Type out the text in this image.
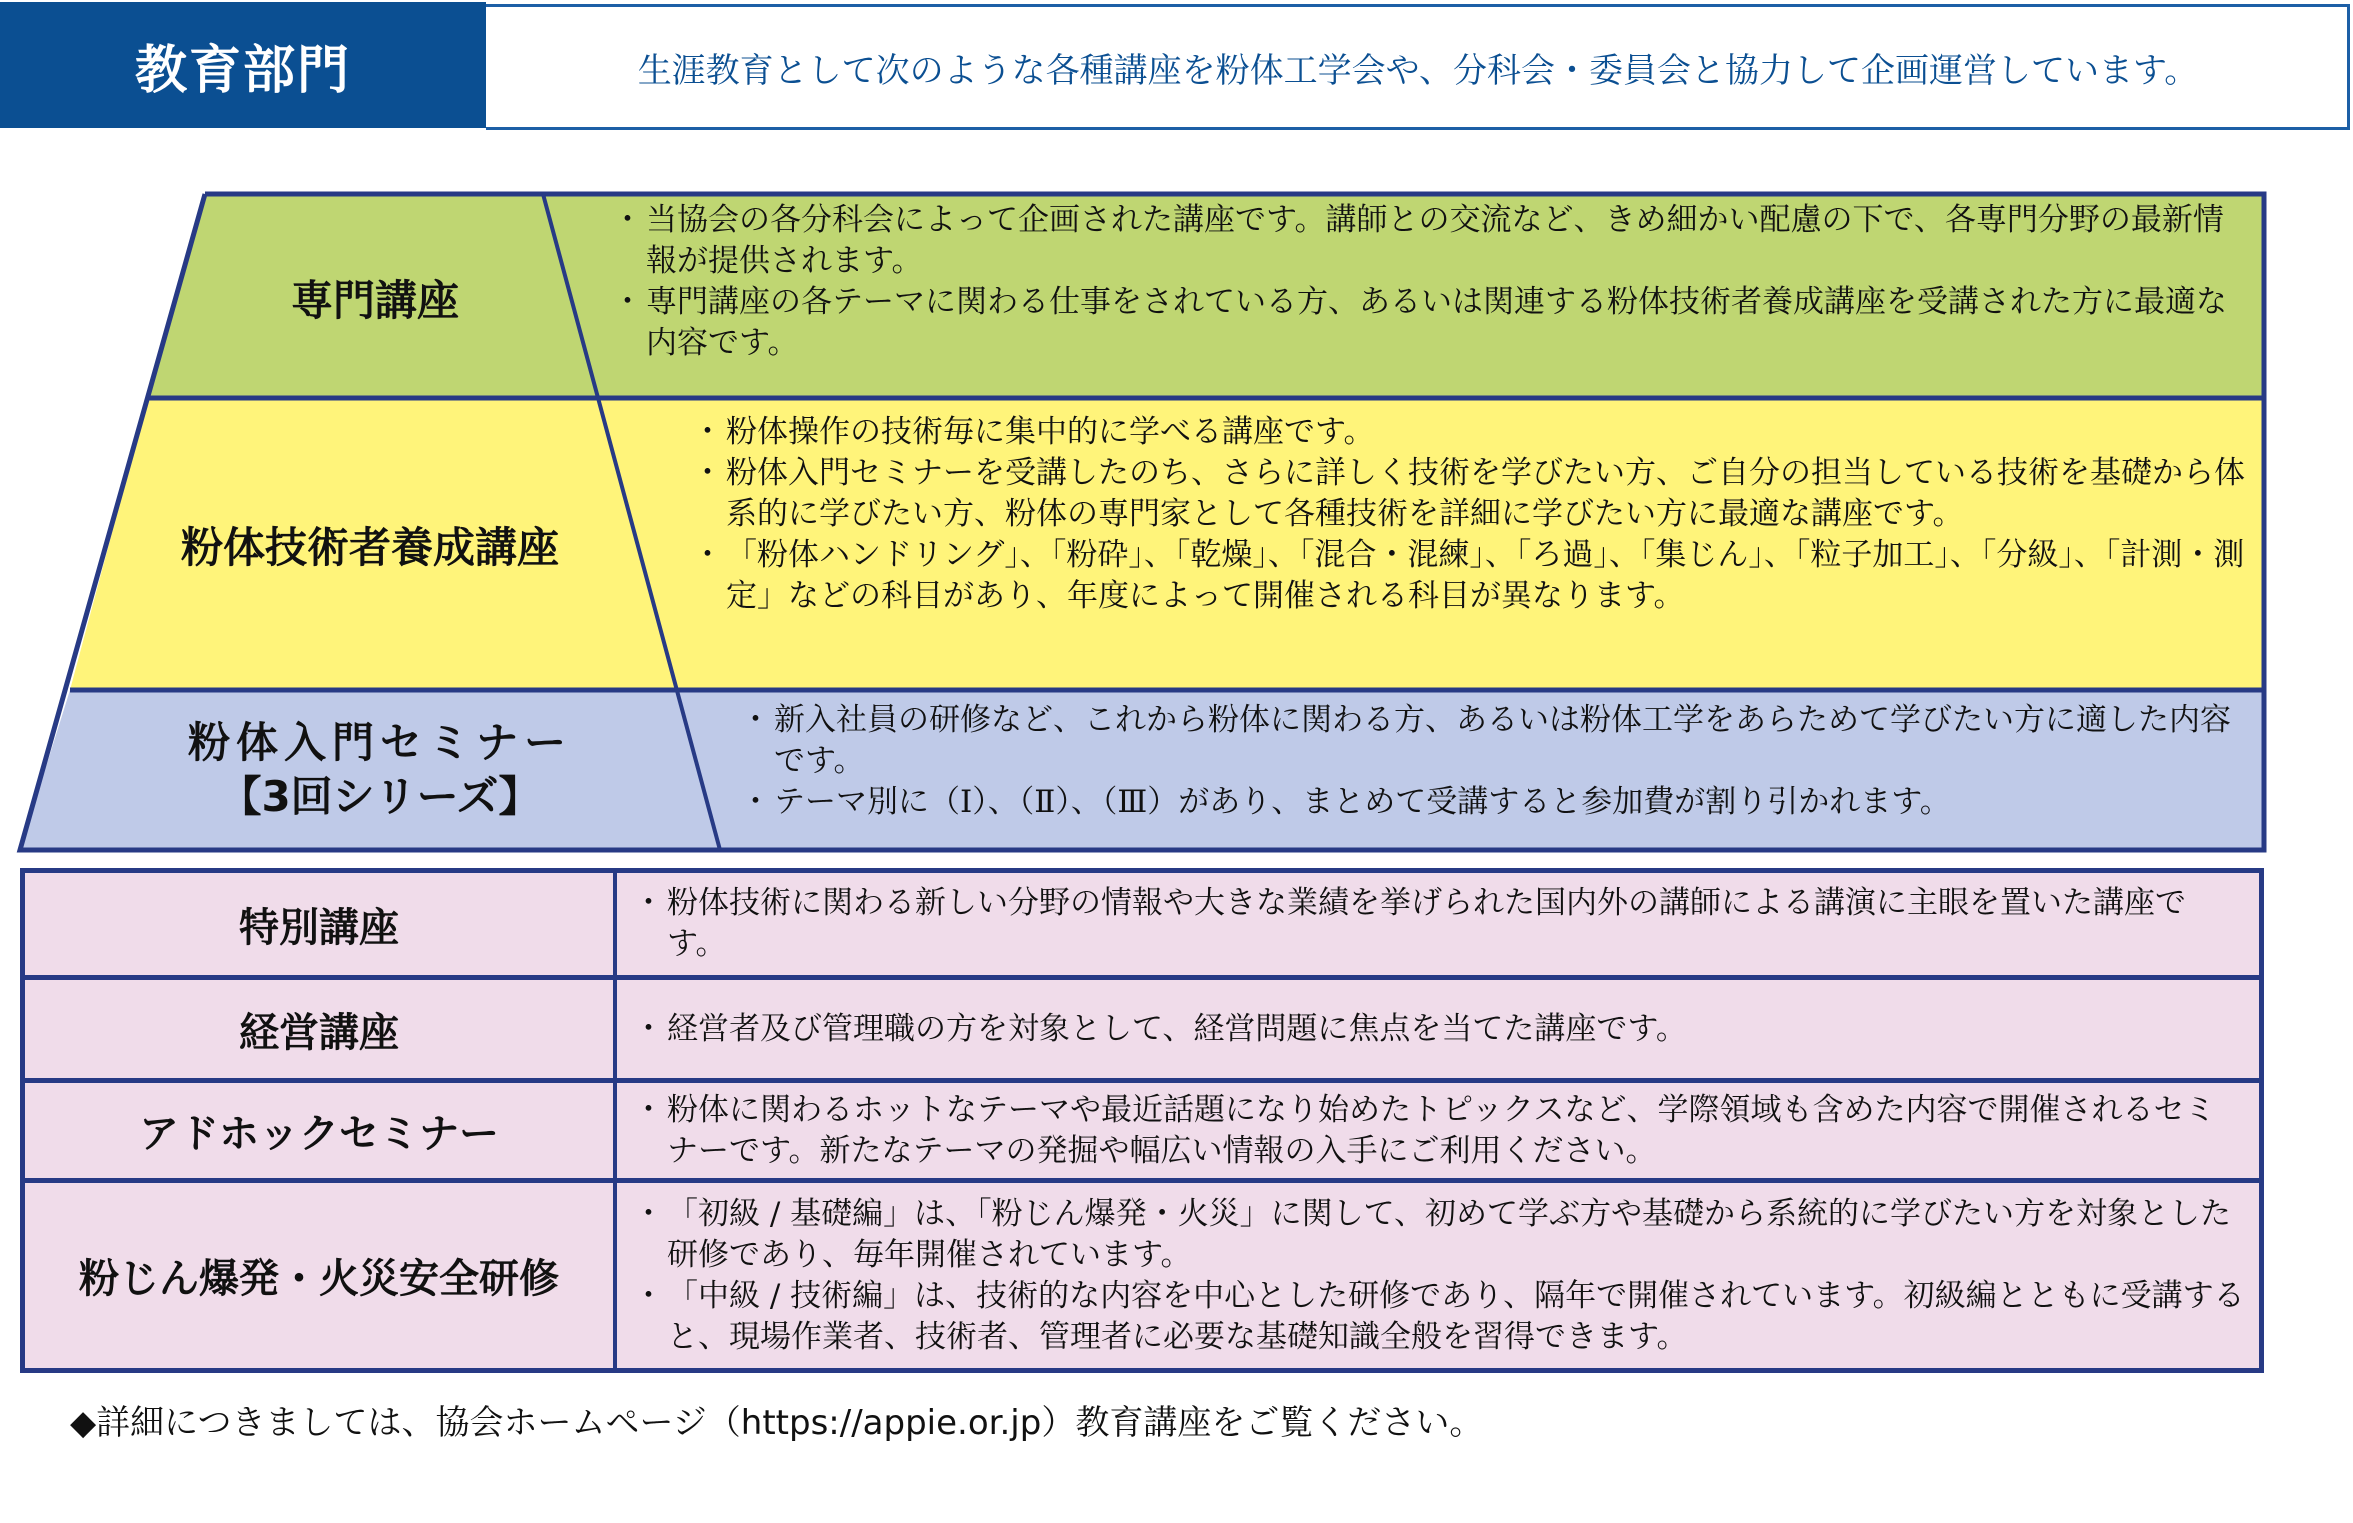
教育部門	生涯教育として次のような各種講座を粉体工学会や、分科会・委員会と協力して企画運営しています。
専門講座
・ 当協会の各分科会によって企画された講座です。講師との交流など、きめ細かい配慮の下で、各専門分野の最新情報が提供されます。
・ 専門講座の各テーマに関わる仕事をされている方、あるいは関連する粉体技術者養成講座を受講された方に最適な内容です。
粉体技術者養成講座
・ 粉体操作の技術毎に集中的に学べる講座です。
・ 粉体入門セミナーを受講したのち、さらに詳しく技術を学びたい方、ご自分の担当している技術を基礎から体系的に学びたい方、粉体の専門家として各種技術を詳細に学びたい方に最適な講座です。
・ 「粉体ハンドリング」、「粉砕」、「乾燥」、「混合・混練」、「ろ過」、「集じん」、「粒子加工」、「分級」、「計測・測定」などの科目があり、年度によって開催される科目が異なります。
粉体入門セミナー
【3回シリーズ】
・ 新入社員の研修など、これから粉体に関わる方、あるいは粉体工学をあらためて学びたい方に適した内容です。
・ テーマ別に（Ⅰ）、（Ⅱ）、（Ⅲ）があり、まとめて受講すると参加費が割り引かれます。
特別講座
・ 粉体技術に関わる新しい分野の情報や大きな業績を挙げられた国内外の講師による講演に主眼を置いた講座です。
経営講座	・ 経営者及び管理職の方を対象として、経営問題に焦点を当てた講座です。
アドホックセミナー
・ 粉体に関わるホットなテーマや最近話題になり始めたトピックスなど、学際領域も含めた内容で開催されるセミナーです。新たなテーマの発掘や幅広い情報の入手にご利用ください。
粉じん爆発・火災安全研修
・ 「初級 / 基礎編」は、「粉じん爆発・火災」に関して、初めて学ぶ方や基礎から系統的に学びたい方を対象とした研修であり、毎年開催されています。
・ 「中級 / 技術編」は、技術的な内容を中心とした研修であり、隔年で開催されています。初級編とともに受講すると、現場作業者、技術者、管理者に必要な基礎知識全般を習得できます。
◆詳細につきましては、協会ホームページ（https://appie.or.jp）教育講座をご覧ください。
